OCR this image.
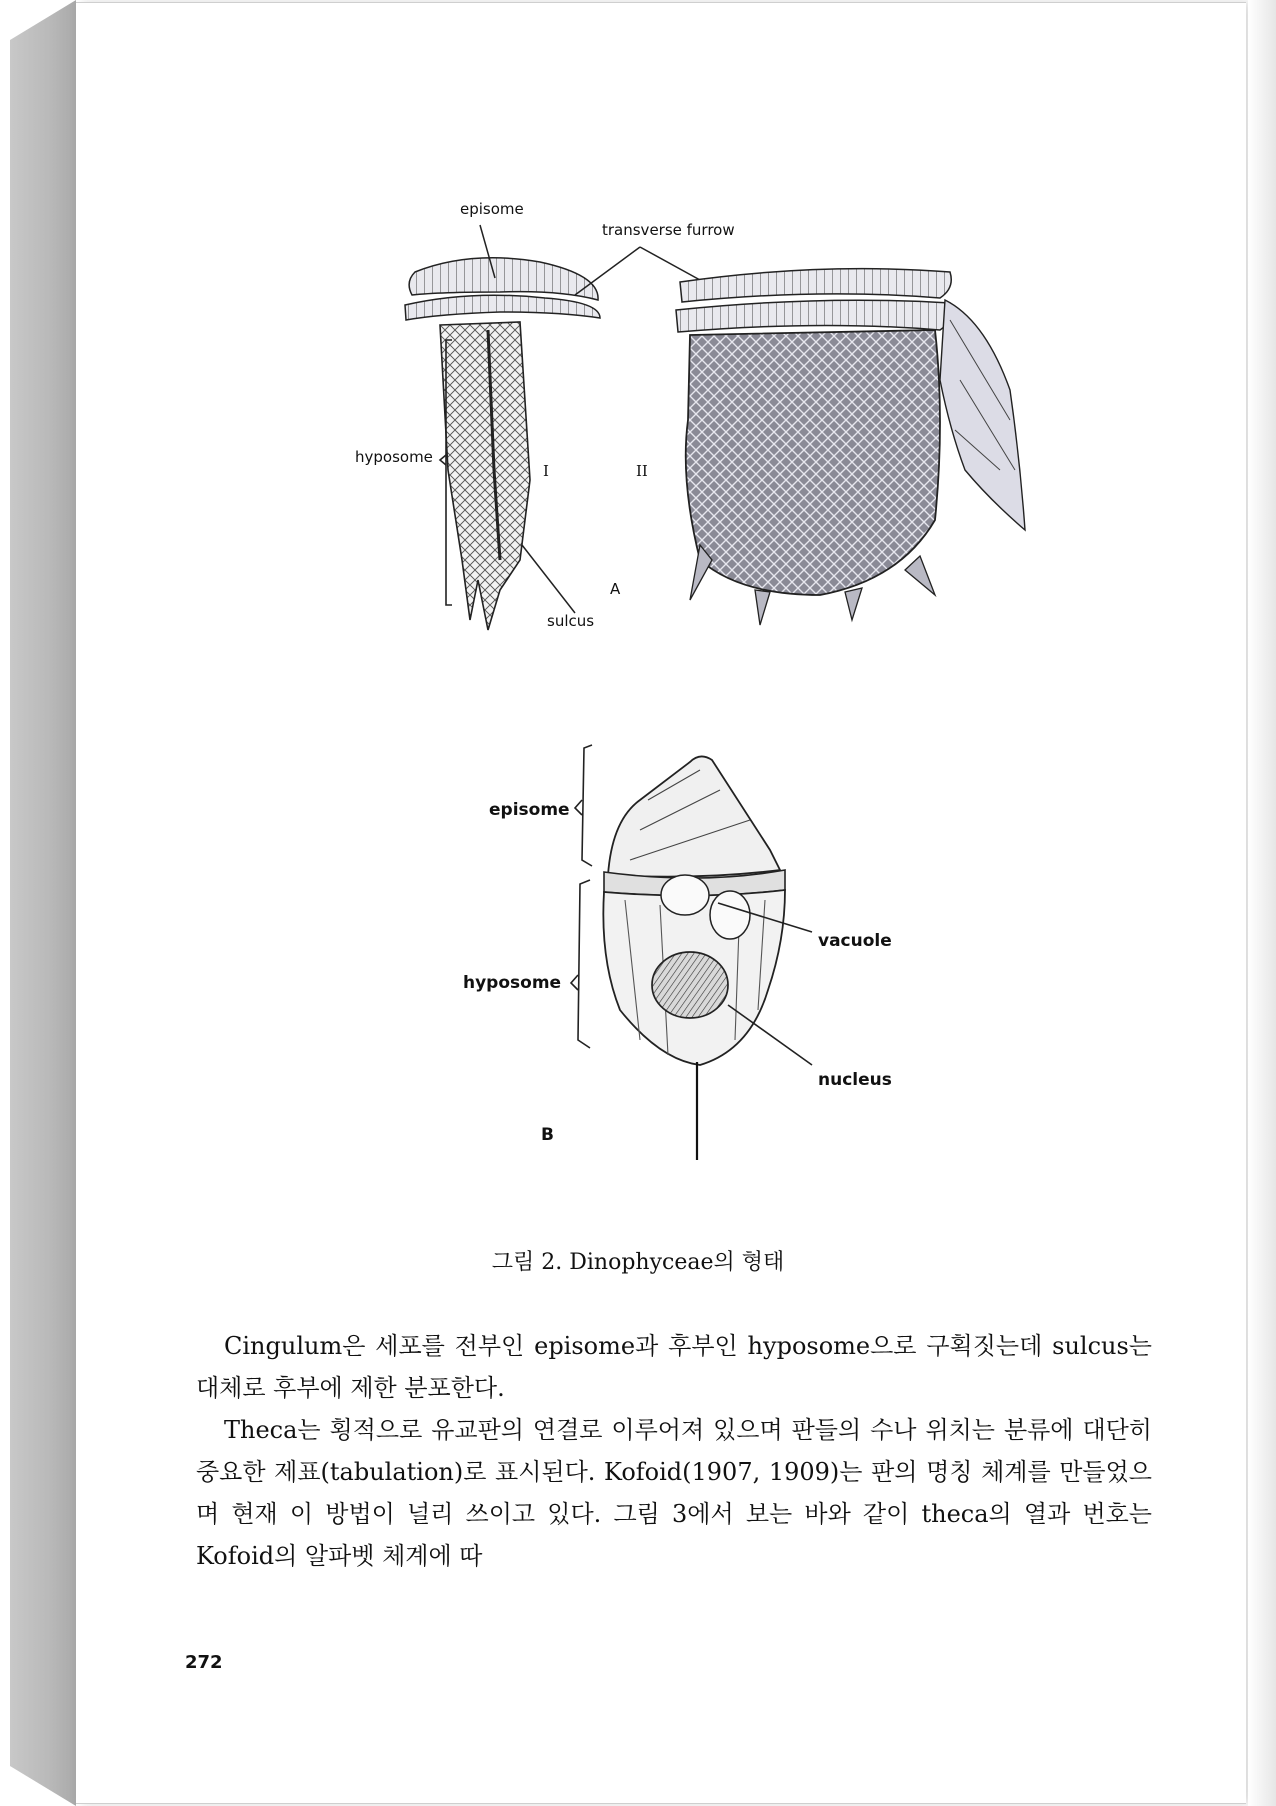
episome
transverse furrow
hyposome
I	II
sulcus
A
episome
hyposome
vacuole
nucleus
B
그림 2. Dinophyceae의 형태

Cingulum은 세포를 전부인 episome과 후부인 hyposome으로 구획짓는데 sulcus는 대체로 후부에 제한 분포한다.

Theca는 횡적으로 유교판의 연결로 이루어져 있으며 판들의 수나 위치는 분류에 대단히 중요한 제표(tabulation)로 표시된다. Kofoid(1907, 1909)는 판의 명칭 체계를 만들었으며 현재 이 방법이 널리 쓰이고 있다. 그림 3에서 보는 바와 같이 theca의 열과 번호는 Kofoid의 알파벳 체계에 따

272
